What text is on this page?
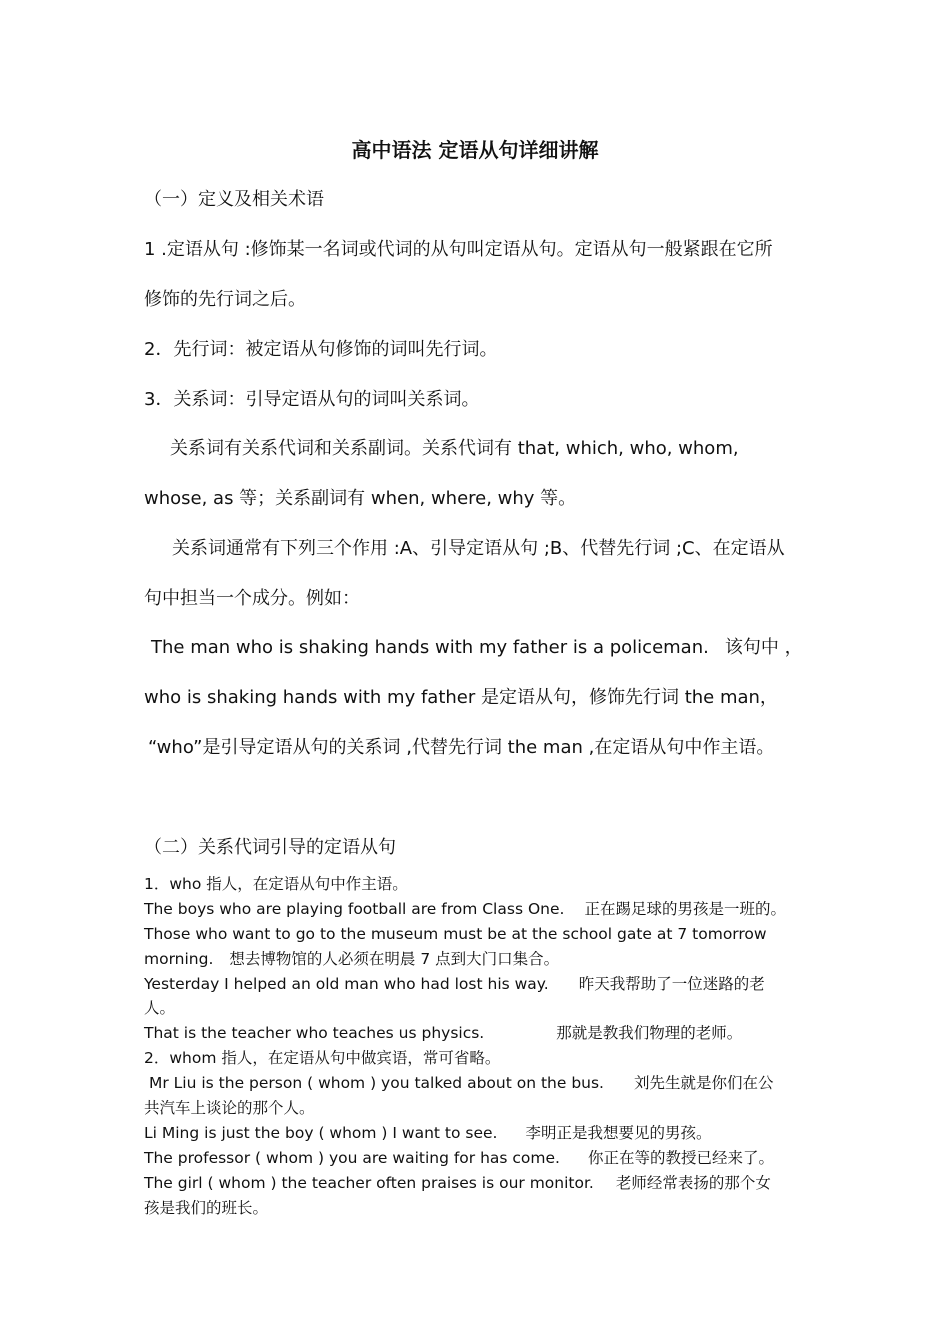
高中语法 定语从句详细讲解
（一）定义及相关术语
1 .定语从句 :修饰某一名词或代词的从句叫定语从句。定语从句一般紧跟在它所
修饰的先行词之后。
2．先行词：被定语从句修饰的词叫先行词。
3．关系词：引导定语从句的词叫关系词。
关系词有关系代词和关系副词。关系代词有 that, which, who, whom,
whose, as 等；关系副词有 when, where, why 等。
关系词通常有下列三个作用 :A、引导定语从句 ;B、代替先行词 ;C、在定语从
句中担当一个成分。例如：
The man who is shaking hands with my father is a policeman. 该句中 ，
who is shaking hands with my father 是定语从句，修饰先行词 the man，
“who”是引导定语从句的关系词 ,代替先行词 the man ,在定语从句中作主语。
（二）关系代词引导的定语从句
1．who 指人，在定语从句中作主语。
The boys who are playing football are from Class One. 正在踢足球的男孩是一班的。
Those who want to go to the museum must be at the school gate at 7 tomorrow
morning. 想去博物馆的人必须在明晨 7 点到大门口集合。
Yesterday I helped an old man who had lost his way. 昨天我帮助了一位迷路的老
人。
That is the teacher who teaches us physics.	那就是教我们物理的老师。
2．whom 指人，在定语从句中做宾语，常可省略。
Mr Liu is the person ( whom ) you talked about on the bus. 刘先生就是你们在公
共汽车上谈论的那个人。
Li Ming is just the boy ( whom ) I want to see. 李明正是我想要见的男孩。
The professor ( whom ) you are waiting for has come. 你正在等的教授已经来了。
The girl ( whom ) the teacher often praises is our monitor. 老师经常表扬的那个女
孩是我们的班长。
